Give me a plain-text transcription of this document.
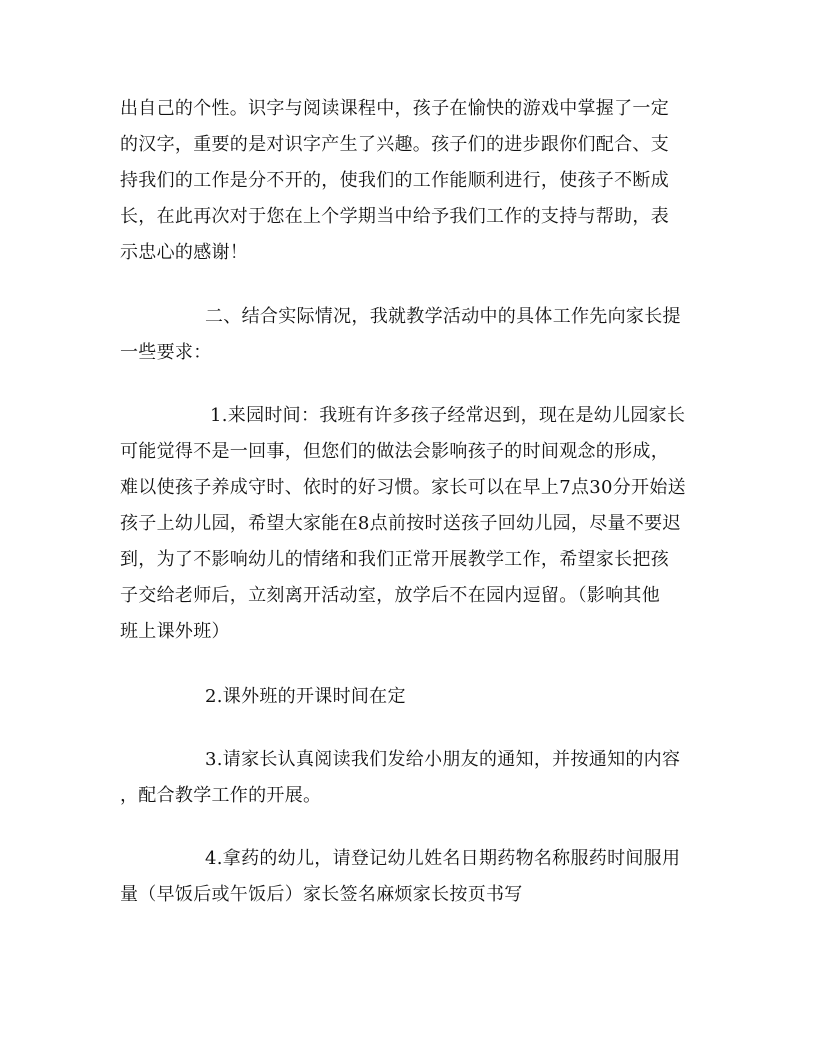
出自己的个性。识字与阅读课程中，孩子在愉快的游戏中掌握了一定
的汉字，重要的是对识字产生了兴趣。孩子们的进步跟你们配合、支
持我们的工作是分不开的，使我们的工作能顺利进行，使孩子不断成
长，在此再次对于您在上个学期当中给予我们工作的支持与帮助，表
示忠心的感谢！
二、结合实际情况，我就教学活动中的具体工作先向家长提
一些要求：
1.来园时间：我班有许多孩子经常迟到，现在是幼儿园家长
可能觉得不是一回事，但您们的做法会影响孩子的时间观念的形成，
难以使孩子养成守时、依时的好习惯。家长可以在早上7点30分开始送
孩子上幼儿园，希望大家能在8点前按时送孩子回幼儿园，尽量不要迟
到，为了不影响幼儿的情绪和我们正常开展教学工作，希望家长把孩
子交给老师后，立刻离开活动室，放学后不在园内逗留。（影响其他
班上课外班）
2.课外班的开课时间在定
3.请家长认真阅读我们发给小朋友的通知，并按通知的内容
，配合教学工作的开展。
4.拿药的幼儿，请登记幼儿姓名日期药物名称服药时间服用
量（早饭后或午饭后）家长签名麻烦家长按页书写
